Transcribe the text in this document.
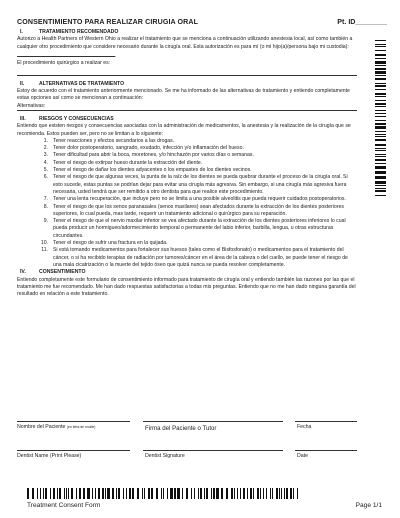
CONSENTIMIENTO PARA REALIZAR CIRUGIA ORAL	Pt. ID________
I.	TRATAMIENTO RECOMENDADO
Autorizo a Health Partners of Western Ohio a realizar el tratamiento que se menciona a continuación utilizando anestesia local, así como también a cualquier otro procedimiento que considere necesario durante la cirugía oral. Esta autorización es para mí (o mi hijo(a)/persona bajo mi custodia): .
El procedimiento quirúrgico a realizar es:
II.	ALTERNATIVAS DE TRATAMIENTO
Estoy de acuerdo con el tratamiento anteriormente mencionado. Se me ha informado de las alternativas de tratamiento y entiendo completamente estas opciones así como se mencionan a continuación:
Alternativas:
III.	RIESGOS Y CONSECUENCIAS
Entiendo que existen riesgos y consecuencias asociadas con la administración de medicamentos, la anestesia y la realización de la cirugía que se recomienda. Estos pueden ser, pero no se limitan a lo siguiente:
1. Tener reacciones y efectos secundarios a las drogas.
2. Tener dolor postoperatorio, sangrado, exudado, infección y/o inflamación del hueso.
3. Tener dificultad para abrir la boca, moretones, y/o hinchazón por varios días o semanas.
4. Tener el riesgo de extirpar hueso durante la extracción del diente.
5. Tener el riesgo de dañar los dientes adyacentes o los empastes de los dientes vecinos.
6. Tener el riesgo de que algunas veces, la punta de la raíz de los dientes se pueda quebrar durante el proceso de la cirugía oral. Si esto sucede, estas puntas se podrían dejar para evitar una cirugía más agresiva. Sin embargo, si una cirugía más agresiva fuera necesaria, usted tendrá que ser remitido a otro dentista para que realice este procedimiento.
7. Tener una lenta recuperación, que incluye pero no se limita a una posible alveolitis que pueda requerir cuidados postoperatorios.
8. Tener el riesgo de que los senos paranasales (senos maxilares) sean afectados durante la extracción de los dientes posteriores superiores, lo cual pueda, mas tarde, requerir un tratamiento adicional o quirúrgico para su reparación.
9. Tener el riesgo de que el nervio maxilar inferior se vea afectado durante la extracción de los dientes posteriores inferiores lo cual pueda producir un hormigueo/adormecimiento temporal o permanente del labio inferior, barbilla, lengua, u otras estructuras circundantes.
10. Tener el riesgo de sufrir una fractura en la quijada.
11. Si está tomando medicamentos para fortalecer sus huesos (tales como el Bisfosfonato) o medicamentos para el tratamiento del cáncer, o si ha recibido terapias de radiación por tumores/cáncer en el área de la cabeza o del cuello, se puede tener el riesgo de una mala cicatrización o la muerte del tejido óseo que quizá nunca se pueda resolver completamente.
IV.	CONSENTIMIENTO
Entiendo completamente este formulario de consentimiento informado para tratamiento de cirugía oral y entiendo también las razones por las que el tratamiento me fue recomendado. Me han dado respuestas satisfactorias a todas mis preguntas. Entiendo que no me han dado ninguna garantía del resultado en relación a este tratamiento.
Nombre del Paciente (en letra de molde)	Firma del Paciente o Tutor	Fecha
Dentist Name (Print Please)	Dentist Signature	Date
Treatment Consent Form	Page 1/1
